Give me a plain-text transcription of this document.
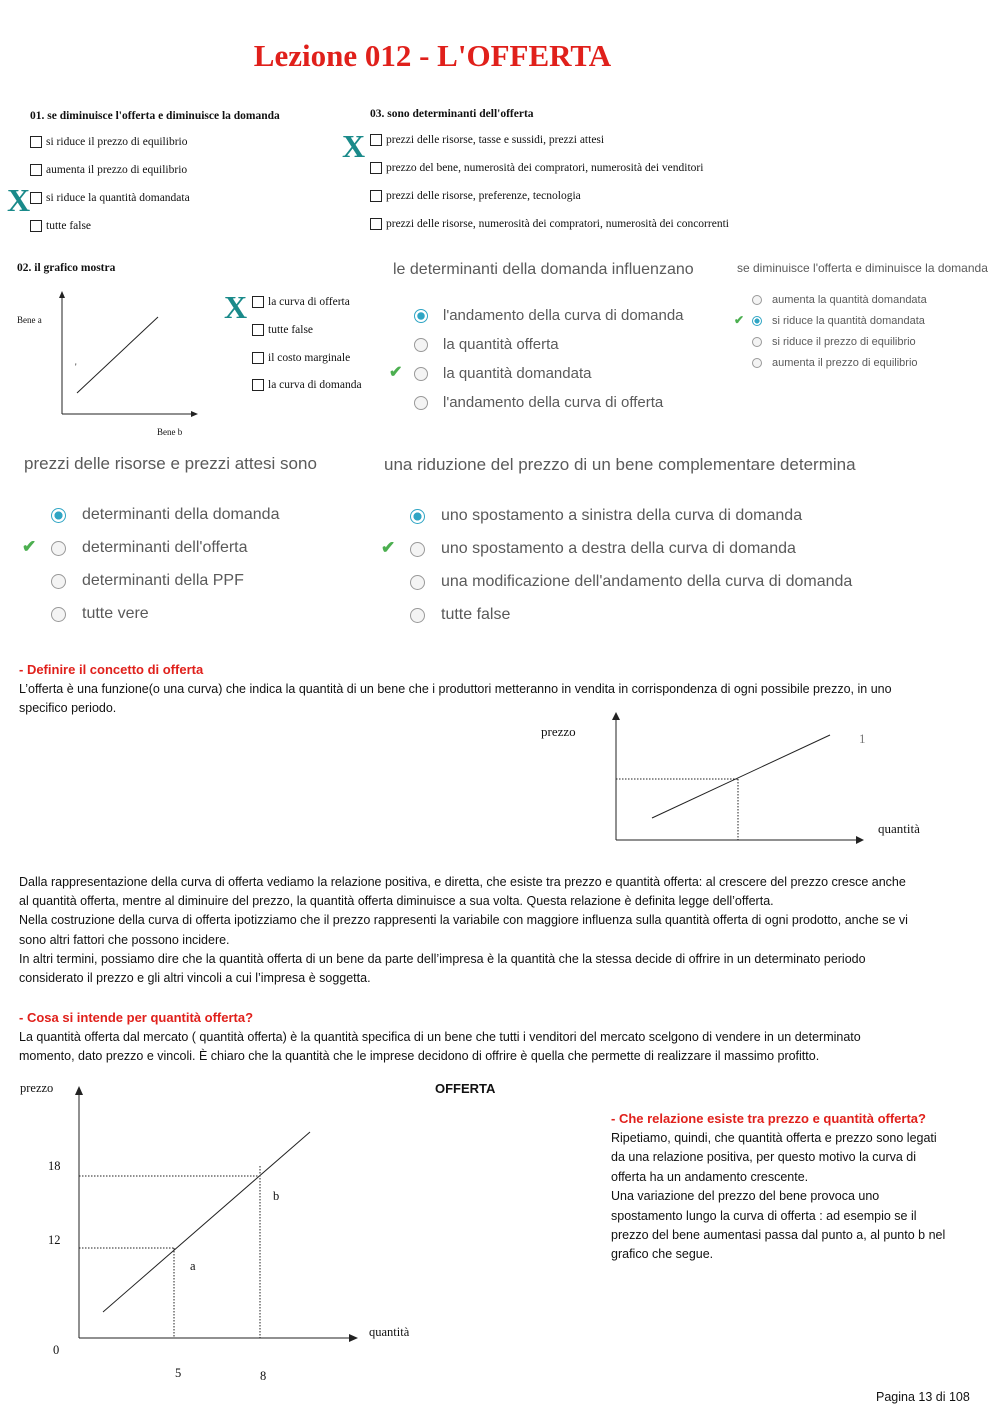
Lezione 012 - L'OFFERTA
01. se diminuisce l'offerta e diminuisce la domanda
si riduce il prezzo di equilibrio
aumenta il prezzo di equilibrio
si riduce la quantità domandata
tutte false
X
03. sono determinanti dell'offerta
prezzi delle risorse, tasse e sussidi, prezzi attesi
prezzo del bene, numerosità dei compratori, numerosità dei venditori
prezzi delle risorse, preferenze, tecnologia
prezzi delle risorse, numerosità dei compratori, numerosità dei concorrenti
X
02. il grafico mostra
Bene a
Bene b
'
la curva di offerta
tutte false
il costo marginale
la curva di domanda
X
le determinanti della domanda influenzano
l'andamento della curva di domanda
la quantità offerta
la quantità domandata
l'andamento della curva di offerta
✔
se diminuisce l'offerta e diminuisce la domanda
aumenta la quantità domandata
si riduce la quantità domandata
si riduce il prezzo di equilibrio
aumenta il prezzo di equilibrio
✔
prezzi delle risorse e prezzi attesi sono
determinanti della domanda
determinanti dell'offerta
determinanti della PPF
tutte vere
✔
una riduzione del prezzo di un bene complementare determina
uno spostamento a sinistra della curva di domanda
uno spostamento a destra della curva di domanda
una modificazione dell'andamento della curva di domanda
tutte false
✔
- Definire il concetto di offerta
L’offerta è una funzione(o una curva) che indica la quantità di un bene che i produttori metteranno in vendita in corrispondenza di ogni possibile prezzo, in uno
specifico periodo.
prezzo
quantità
1
Dalla rappresentazione della curva di offerta vediamo la relazione positiva, e diretta, che esiste tra prezzo e quantità offerta: al crescere del prezzo cresce anche
al quantità offerta, mentre al diminuire del prezzo, la quantità offerta diminuisce a sua volta. Questa relazione è definita legge dell’offerta.
Nella costruzione della curva di offerta ipotizziamo che il prezzo rappresenti la variabile con maggiore influenza sulla quantità offerta di ogni prodotto, anche se vi
sono altri fattori che possono incidere.
In altri termini, possiamo dire che la quantità offerta di un bene da parte dell’impresa è la quantità che la stessa decide di offrire in un determinato periodo
considerato il prezzo e gli altri vincoli a cui l’impresa è soggetta.
- Cosa si intende per quantità offerta?
La quantità offerta dal mercato ( quantità offerta) è la quantità specifica di un bene che tutti i venditori del mercato scelgono di vendere in un determinato
momento, dato prezzo e vincoli. È chiaro che la quantità che le imprese decidono di offrire è quella che permette di realizzare il massimo profitto.
prezzo	OFFERTA
quantità
18
12
0
5	8
a
b
- Che relazione esiste tra prezzo e quantità offerta?
Ripetiamo, quindi, che quantità offerta e prezzo sono legati
da una relazione positiva, per questo motivo la curva di
offerta ha un andamento crescente.
Una variazione del prezzo del bene provoca uno
spostamento lungo la curva di offerta : ad esempio se il
prezzo del bene aumentasi passa dal punto a, al punto b nel
grafico che segue.
Pagina 13 di 108
